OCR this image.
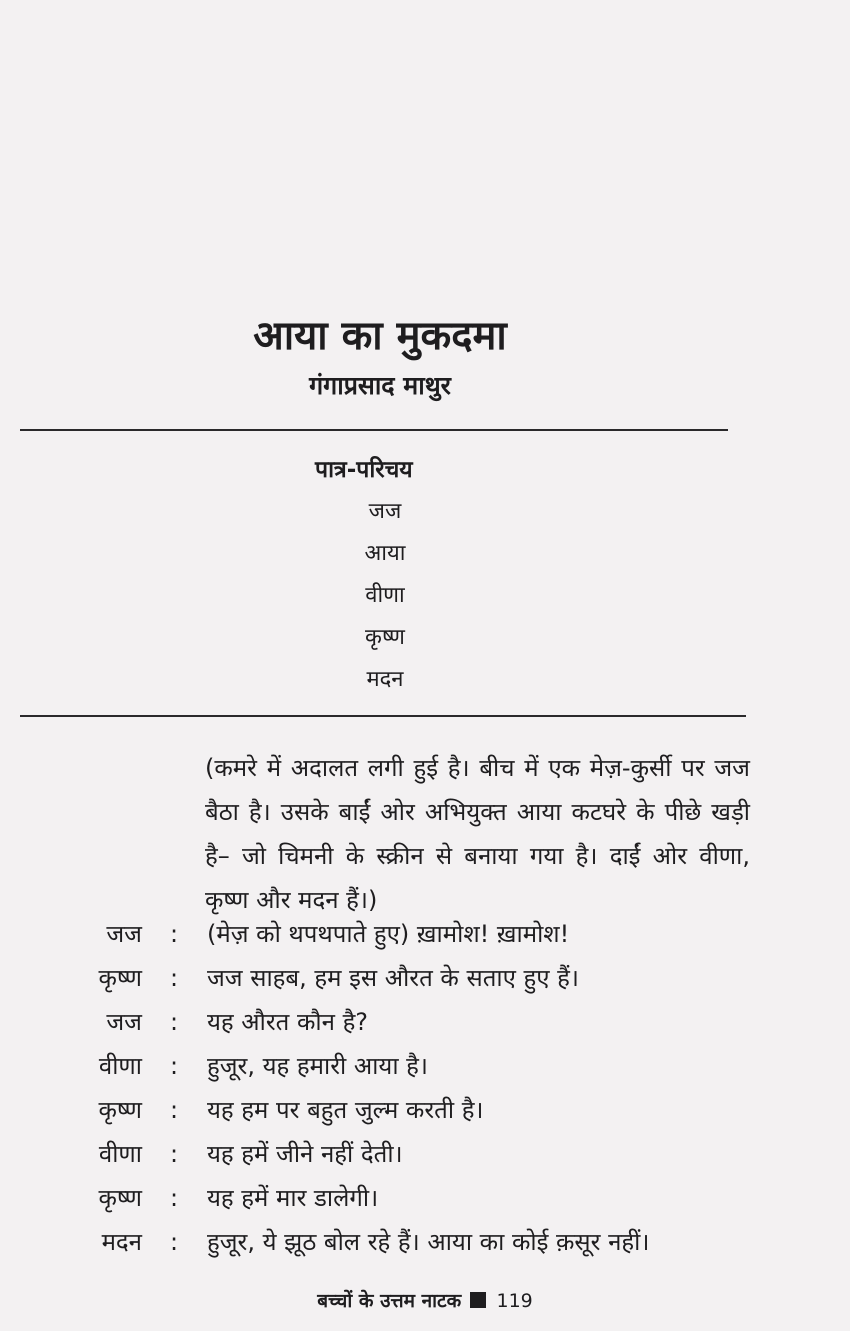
आया का मुकदमा
गंगाप्रसाद माथुर
पात्र-परिचय
जज
आया
वीणा
कृष्ण
मदन

(कमरे में अदालत लगी हुई है। बीच में एक मेज़-कुर्सी पर जज बैठा है। उसके बाईं ओर अभियुक्त आया कटघरे के पीछे खड़ी है– जो चिमनी के स्क्रीन से बनाया गया है। दाईं ओर वीणा, कृष्ण और मदन हैं।)

जज : (मेज़ को थपथपाते हुए) ख़ामोश! ख़ामोश!
कृष्ण : जज साहब, हम इस औरत के सताए हुए हैं।
जज : यह औरत कौन है?
वीणा : हुजूर, यह हमारी आया है।
कृष्ण : यह हम पर बहुत जुल्म करती है।
वीणा : यह हमें जीने नहीं देती।
कृष्ण : यह हमें मार डालेगी।
मदन : हुजूर, ये झूठ बोल रहे हैं। आया का कोई क़सूर नहीं।
बच्चों के उत्तम नाटक 119
